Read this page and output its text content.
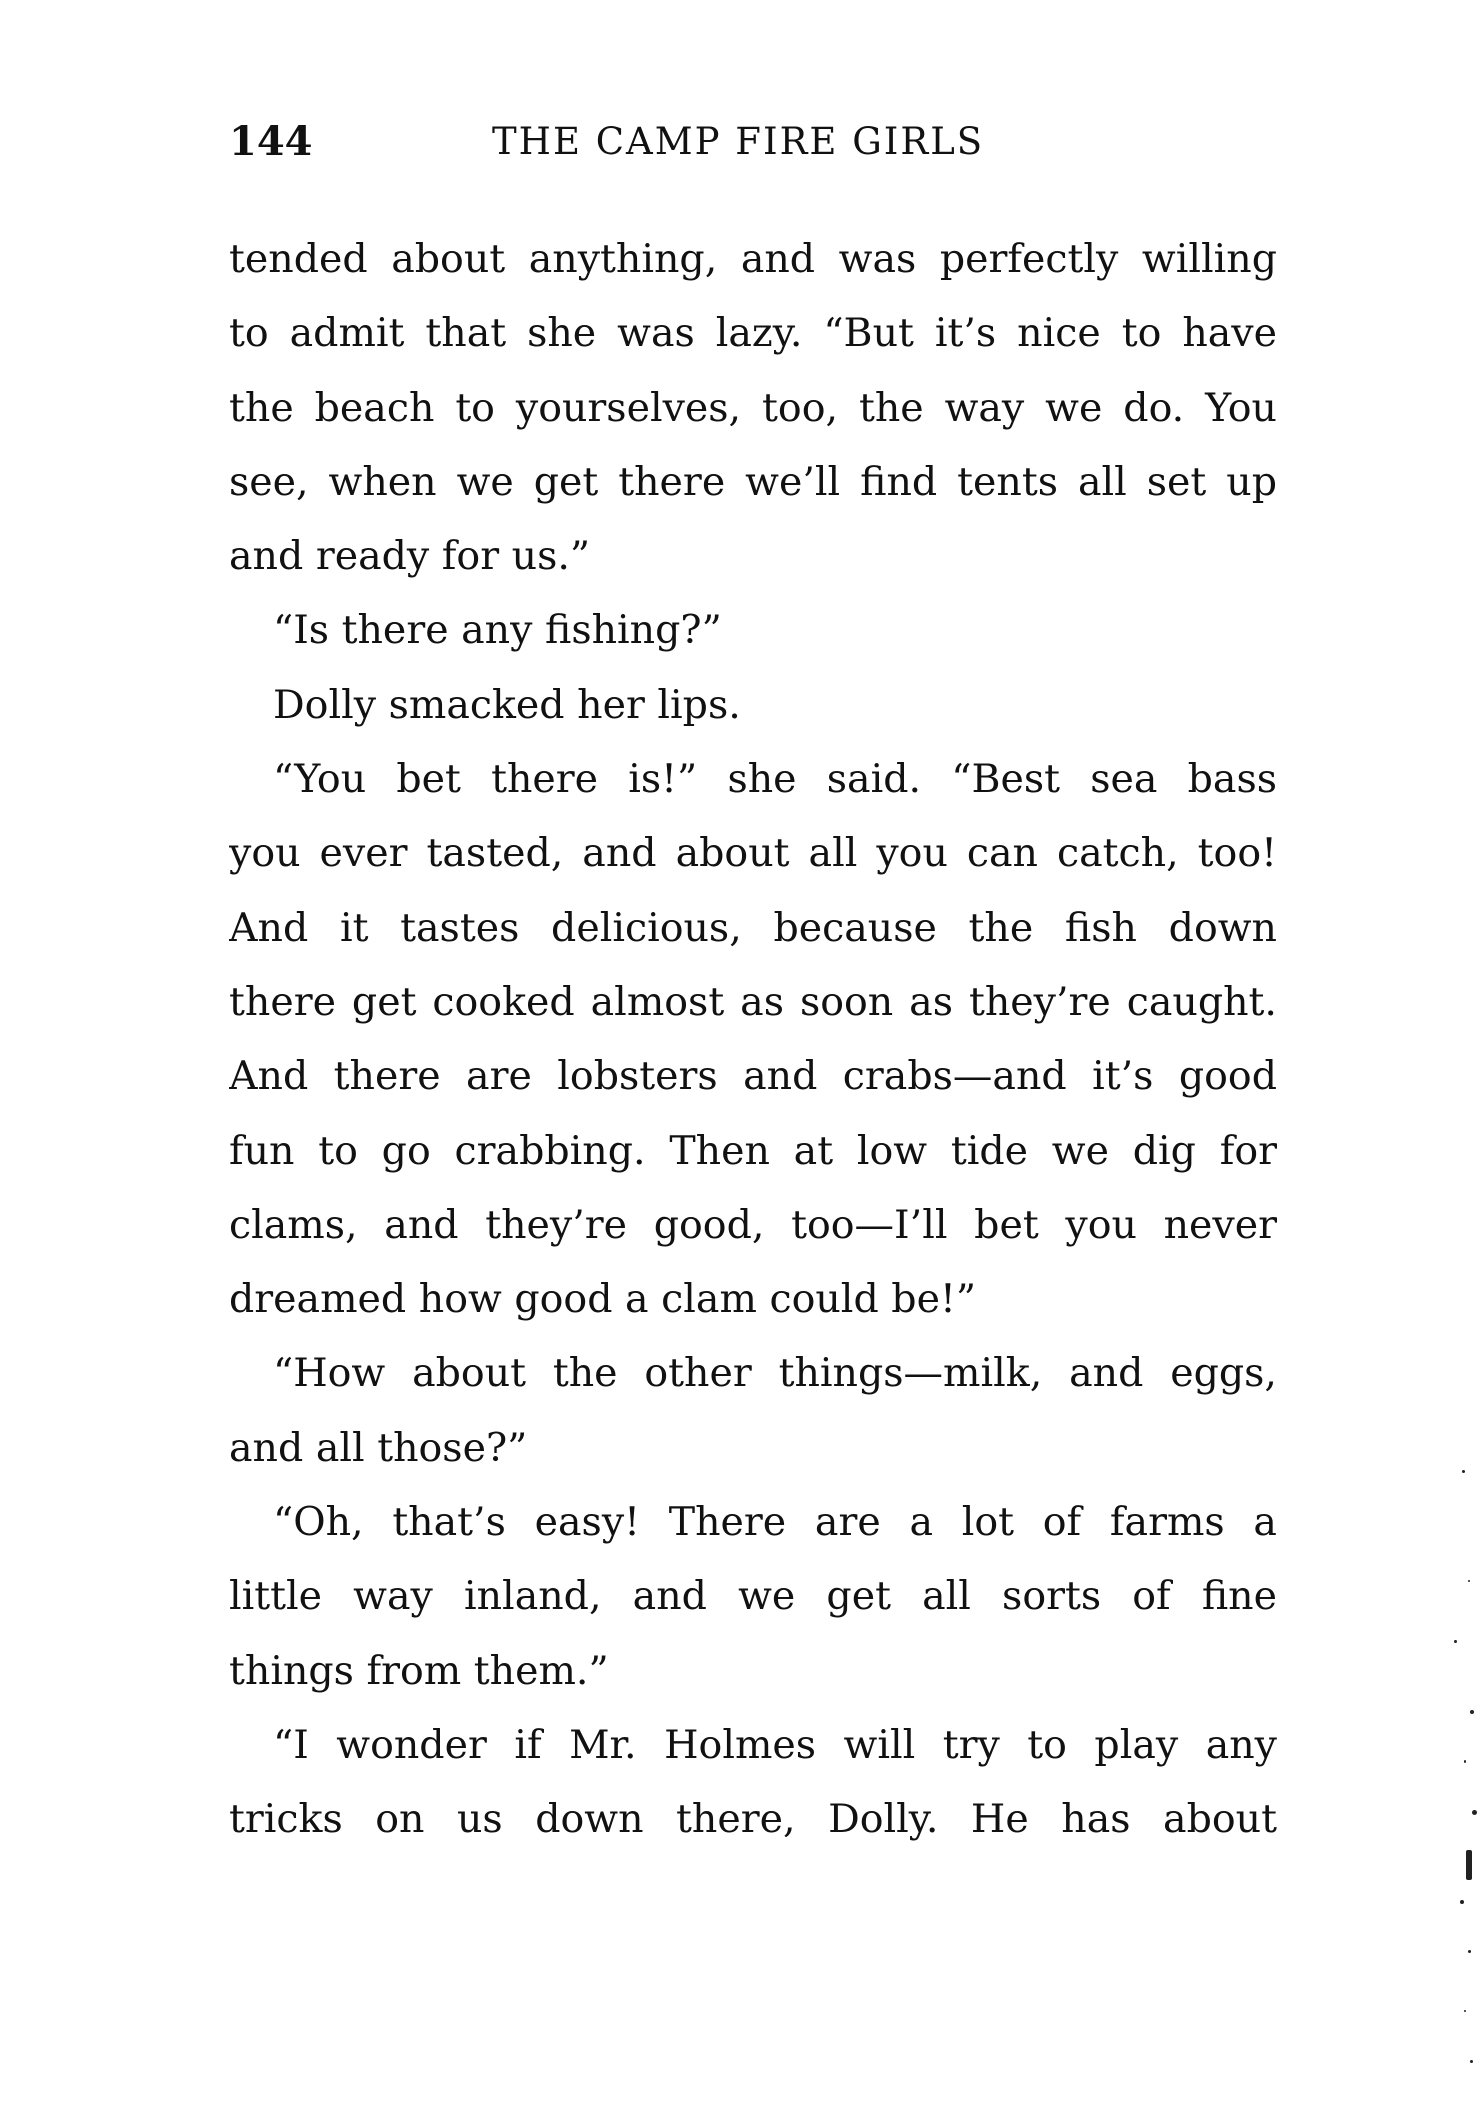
144	THE CAMP FIRE GIRLS
tended about anything, and was perfectly willing
to admit that she was lazy. “But it’s nice to have
the beach to yourselves, too, the way we do. You
see, when we get there we’ll find tents all set up
and ready for us.”
“Is there any fishing?”
Dolly smacked her lips.
“You bet there is!” she said. “Best sea bass
you ever tasted, and about all you can catch, too!
And it tastes delicious, because the fish down
there get cooked almost as soon as they’re caught.
And there are lobsters and crabs—and it’s good
fun to go crabbing. Then at low tide we dig for
clams, and they’re good, too—I’ll bet you never
dreamed how good a clam could be!”
“How about the other things—milk, and eggs,
and all those?”
“Oh, that’s easy! There are a lot of farms a
little way inland, and we get all sorts of fine
things from them.”
“I wonder if Mr. Holmes will try to play any
tricks on us down there, Dolly. He has about
